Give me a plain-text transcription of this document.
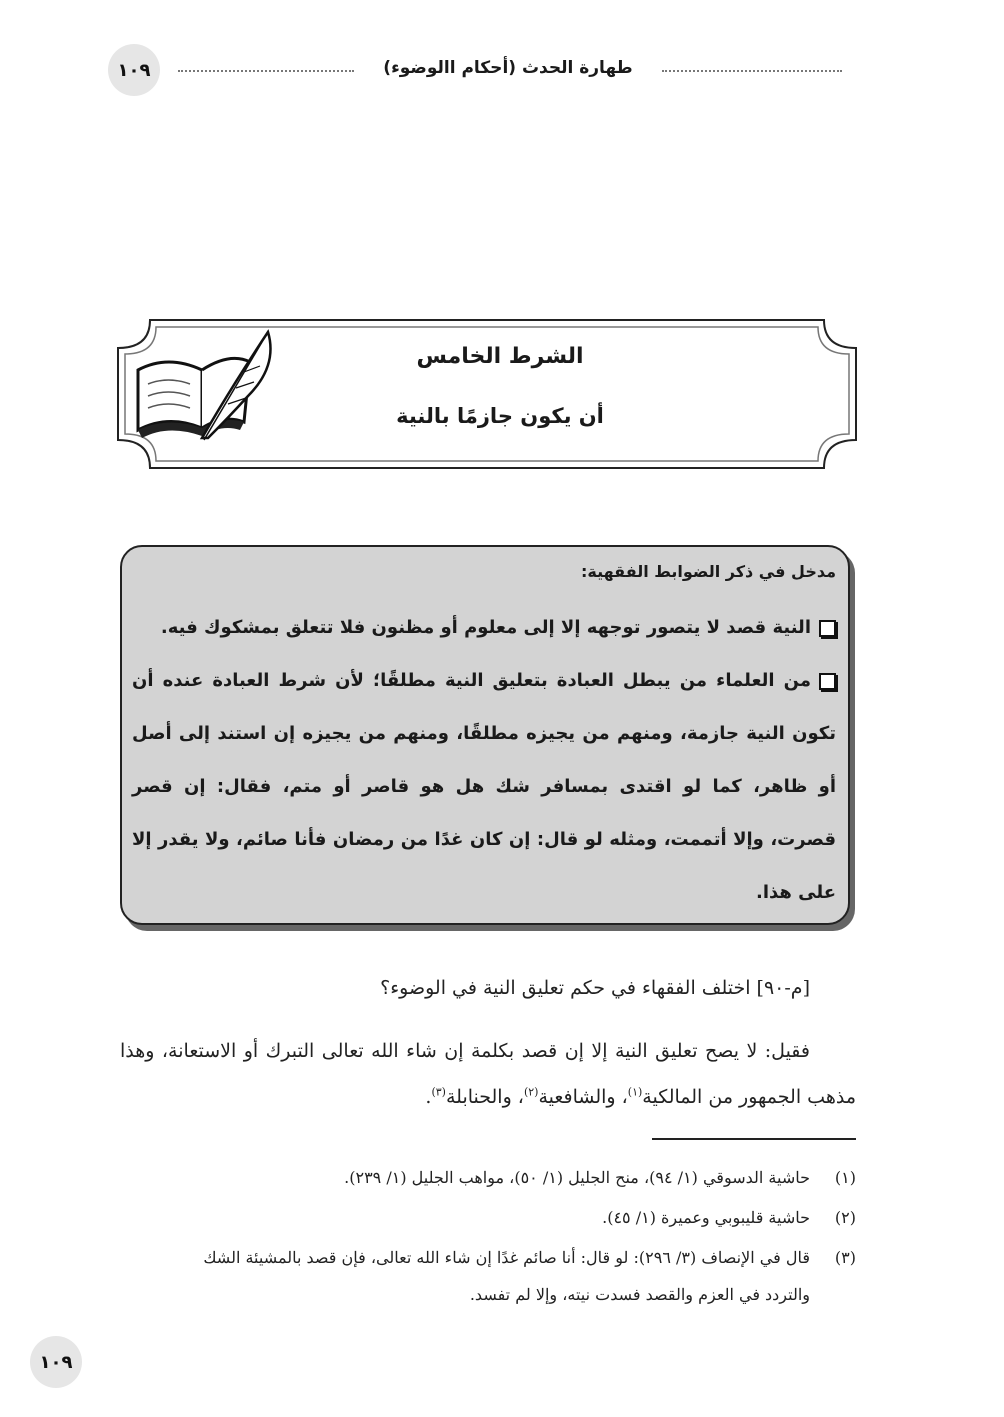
١٠٩	طهارة الحدث (أحكام االوضوء)
الشرط الخامس
أن يكون جازمًا بالنية

مدخل في ذكر الضوابط الفقهية:

النية قصد لا يتصور توجهه إلا إلى معلوم أو مظنون فلا تتعلق بمشكوك فيه.

من العلماء من يبطل العبادة بتعليق النية مطلقًا؛ لأن شرط العبادة عنده أن تكون النية جازمة، ومنهم من يجيزه مطلقًا، ومنهم من يجيزه إن استند إلى أصل أو ظاهر، كما لو اقتدى بمسافر شك هل هو قاصر أو متم، فقال: إن قصر قصرت، وإلا أتممت، ومثله لو قال: إن كان غدًا من رمضان فأنا صائم، ولا يقدر إلا على هذا.

[م-٩٠] اختلف الفقهاء في حكم تعليق النية في الوضوء؟
فقيل: لا يصح تعليق النية إلا إن قصد بكلمة إن شاء الله تعالى التبرك أو الاستعانة، وهذا مذهب الجمهور من المالكية$^{(١)}$، والشافعية$^{(٢)}$، والحنابلة$^{(٣)}$.
(١)
حاشية الدسوقي (١/ ٩٤)، منح الجليل (١/ ٥٠)، مواهب الجليل (١/ ٢٣٩).
(٢)
حاشية قليبوبي وعميرة (١/ ٤٥).
(٣)
قال في الإنصاف (٣/ ٢٩٦): لو قال: أنا صائم غدًا إن شاء الله تعالى، فإن قصد بالمشيئة الشك
والتردد في العزم والقصد فسدت نيته، وإلا لم تفسد.
١٠٩
